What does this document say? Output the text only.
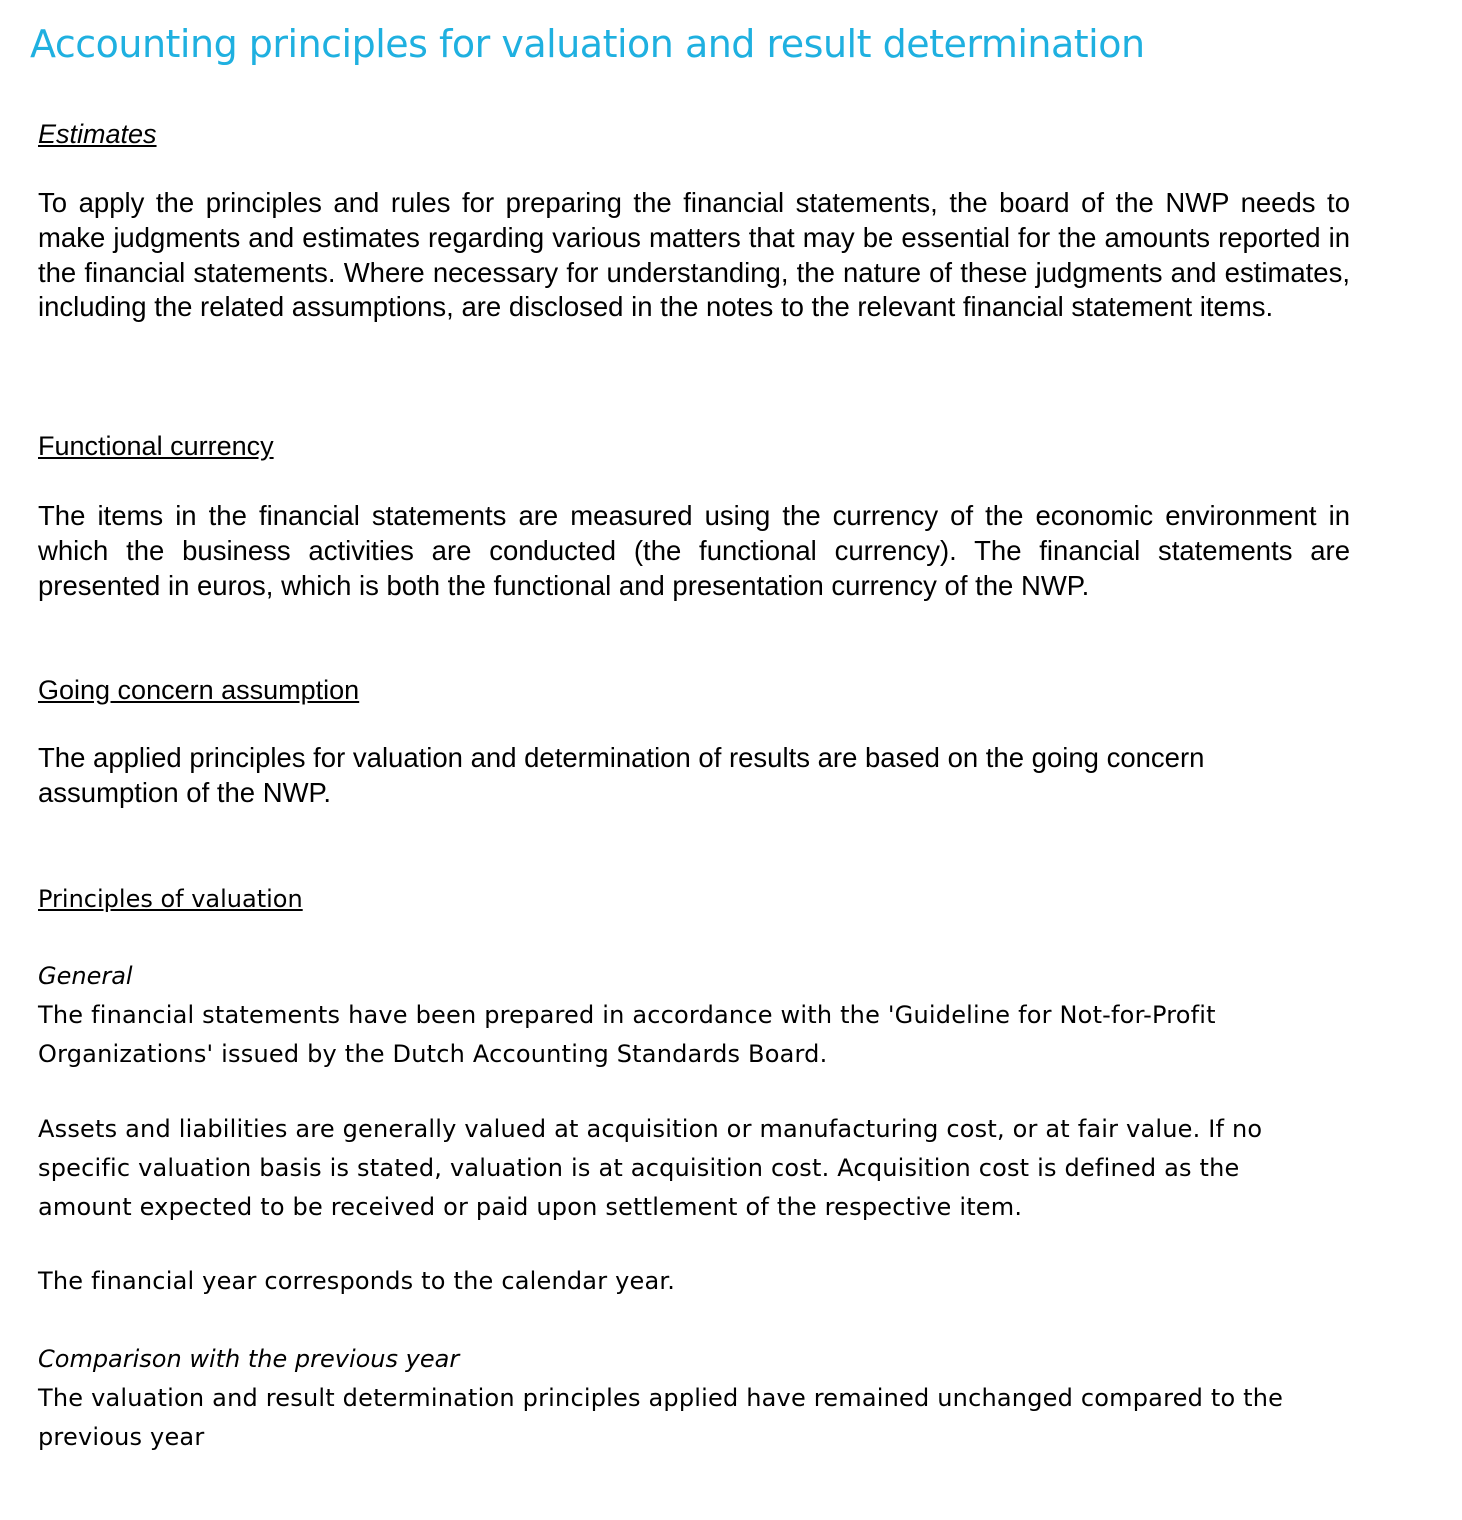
Accounting principles for valuation and result determination
Estimates

To apply the principles and rules for preparing the financial statements, the board of the NWP needs to make judgments and estimates regarding various matters that may be essential for the amounts reported in the financial statements. Where necessary for understanding, the nature of these judgments and estimates, including the related assumptions, are disclosed in the notes to the relevant financial statement items.

Functional currency

The items in the financial statements are measured using the currency of the economic environment in which the business activities are conducted (the functional currency). The financial statements are presented in euros, which is both the functional and presentation currency of the NWP.

Going concern assumption

The applied principles for valuation and determination of results are based on the going concern assumption of the NWP.

Principles of valuation
General

The financial statements have been prepared in accordance with the 'Guideline for Not-for-Profit Organizations' issued by the Dutch Accounting Standards Board.

Assets and liabilities are generally valued at acquisition or manufacturing cost, or at fair value. If no specific valuation basis is stated, valuation is at acquisition cost. Acquisition cost is defined as the amount expected to be received or paid upon settlement of the respective item.

The financial year corresponds to the calendar year.

Comparison with the previous year

The valuation and result determination principles applied have remained unchanged compared to the previous year
